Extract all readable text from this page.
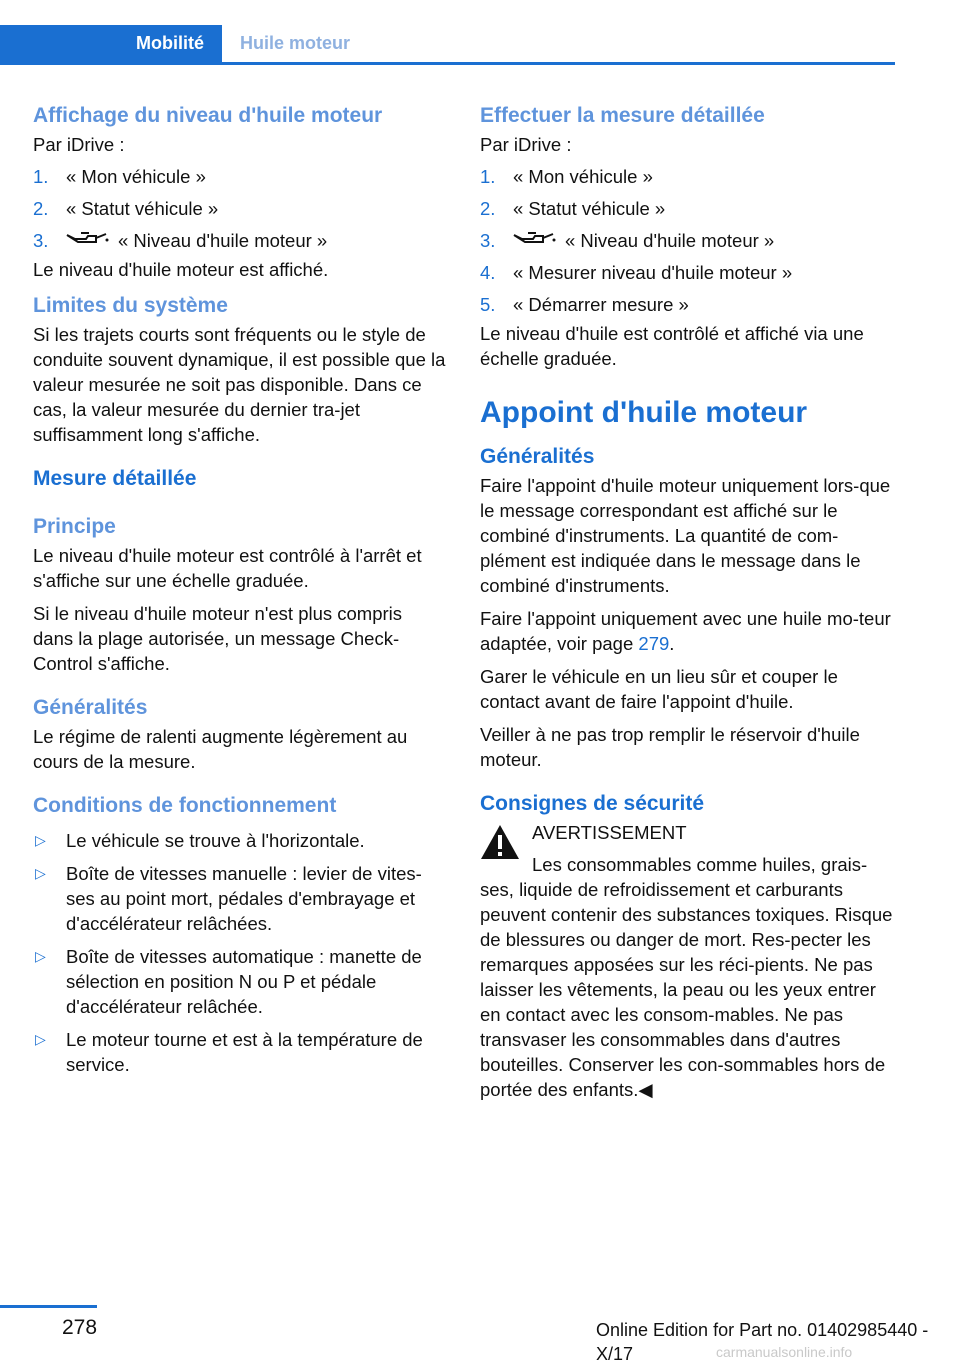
Mobilité	Huile moteur
Affichage du niveau d'huile moteur

Par iDrive :

1. « Mon véhicule »
2. « Statut véhicule »
3.	« Niveau d'huile moteur »

Le niveau d'huile moteur est affiché.

Limites du système

Si les trajets courts sont fréquents ou le style de conduite souvent dynamique, il est possible que la valeur mesurée ne soit pas disponible. Dans ce cas, la valeur mesurée du dernier tra‐jet suffisamment long s'affiche.

Mesure détaillée
Principe

Le niveau d'huile moteur est contrôlé à l'arrêt et s'affiche sur une échelle graduée.

Si le niveau d'huile moteur n'est plus compris dans la plage autorisée, un message Check-Control s'affiche.

Généralités

Le régime de ralenti augmente légèrement au cours de la mesure.

Conditions de fonctionnement
▷ Le véhicule se trouve à l'horizontale.
▷ Boîte de vitesses manuelle : levier de vites‐ses au point mort, pédales d'embrayage et d'accélérateur relâchées.
▷ Boîte de vitesses automatique : manette de sélection en position N ou P et pédale d'accélérateur relâchée.
▷ Le moteur tourne et est à la température de service.
Effectuer la mesure détaillée

Par iDrive :

1. « Mon véhicule »
2. « Statut véhicule »
3.	« Niveau d'huile moteur »
4. « Mesurer niveau d'huile moteur »
5. « Démarrer mesure »

Le niveau d'huile est contrôlé et affiché via une échelle graduée.

Appoint d'huile moteur
Généralités

Faire l'appoint d'huile moteur uniquement lors‐que le message correspondant est affiché sur le combiné d'instruments. La quantité de com‐plément est indiquée dans le message dans le combiné d'instruments.

Faire l'appoint uniquement avec une huile mo‐teur adaptée, voir page 279.

Garer le véhicule en un lieu sûr et couper le contact avant de faire l'appoint d'huile.

Veiller à ne pas trop remplir le réservoir d'huile moteur.

Consignes de sécurité

AVERTISSEMENT

Les consommables comme huiles, grais‐ses, liquide de refroidissement et carburants peuvent contenir des substances toxiques. Risque de blessures ou danger de mort. Res‐pecter les remarques apposées sur les réci‐pients. Ne pas laisser les vêtements, la peau ou les yeux entrer en contact avec les consom‐mables. Ne pas transvaser les consommables dans d'autres bouteilles. Conserver les con‐sommables hors de portée des enfants.◀

278	Online Edition for Part no. 01402985440 - X/17	carmanualsonline.info
